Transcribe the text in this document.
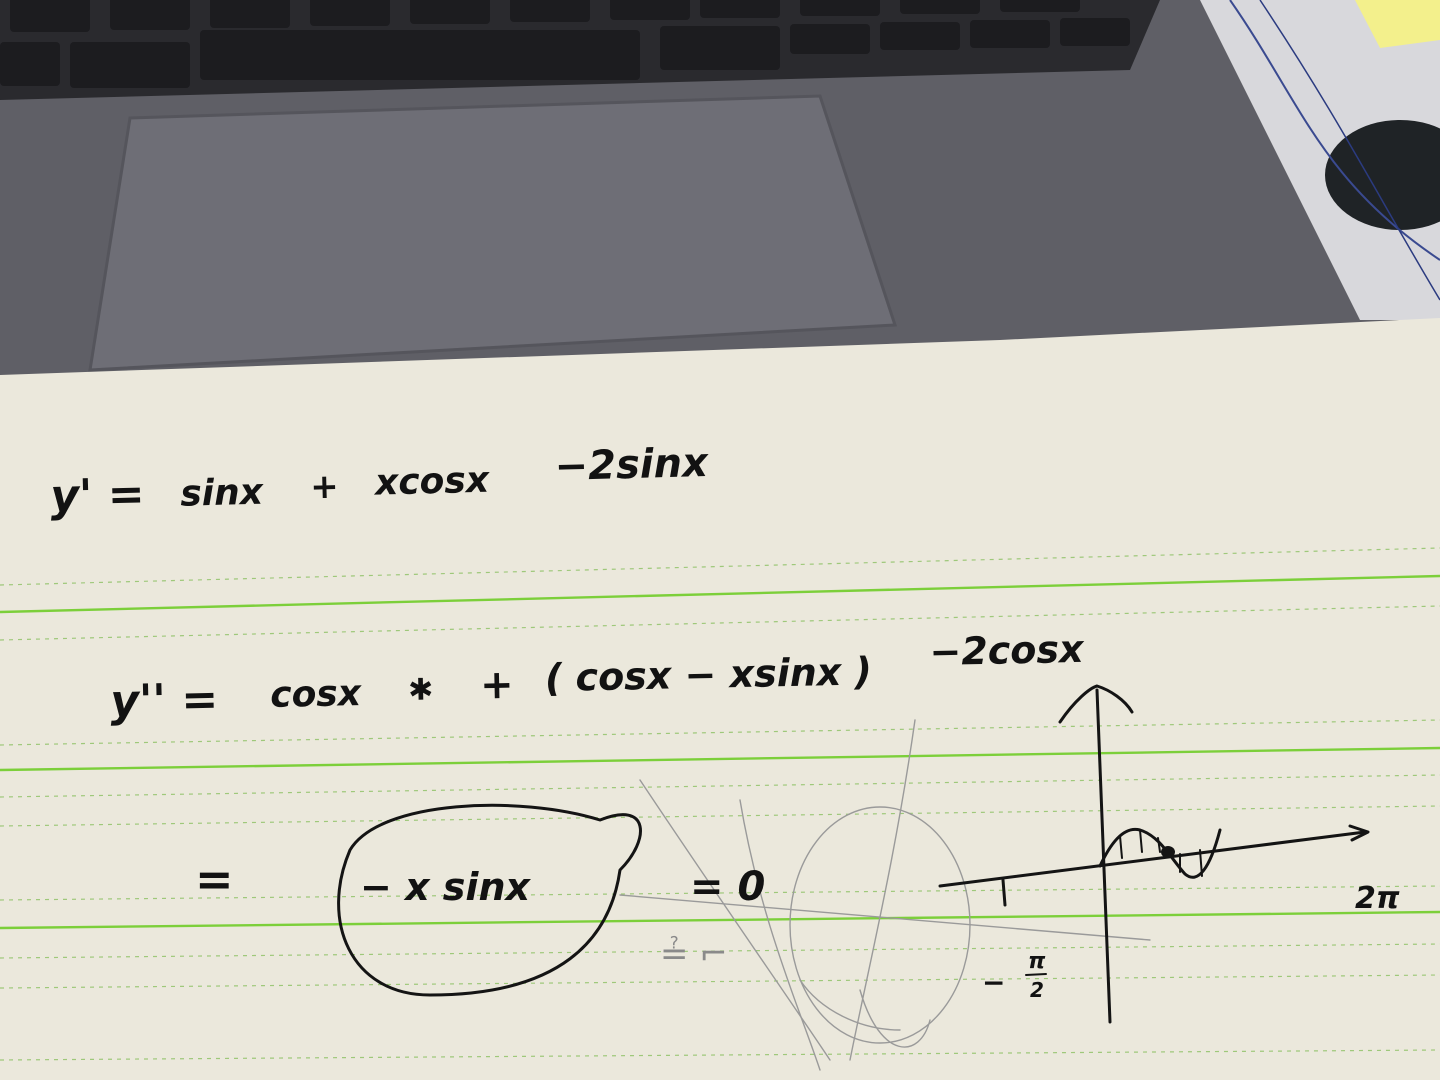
y' = sinx + xcosx −2sinx
y'' = cosx ✱ + ( cosx − xsinx ) −2cosx
=	− x sinx	= 0
≟ ⌐
−
π
2
2π
